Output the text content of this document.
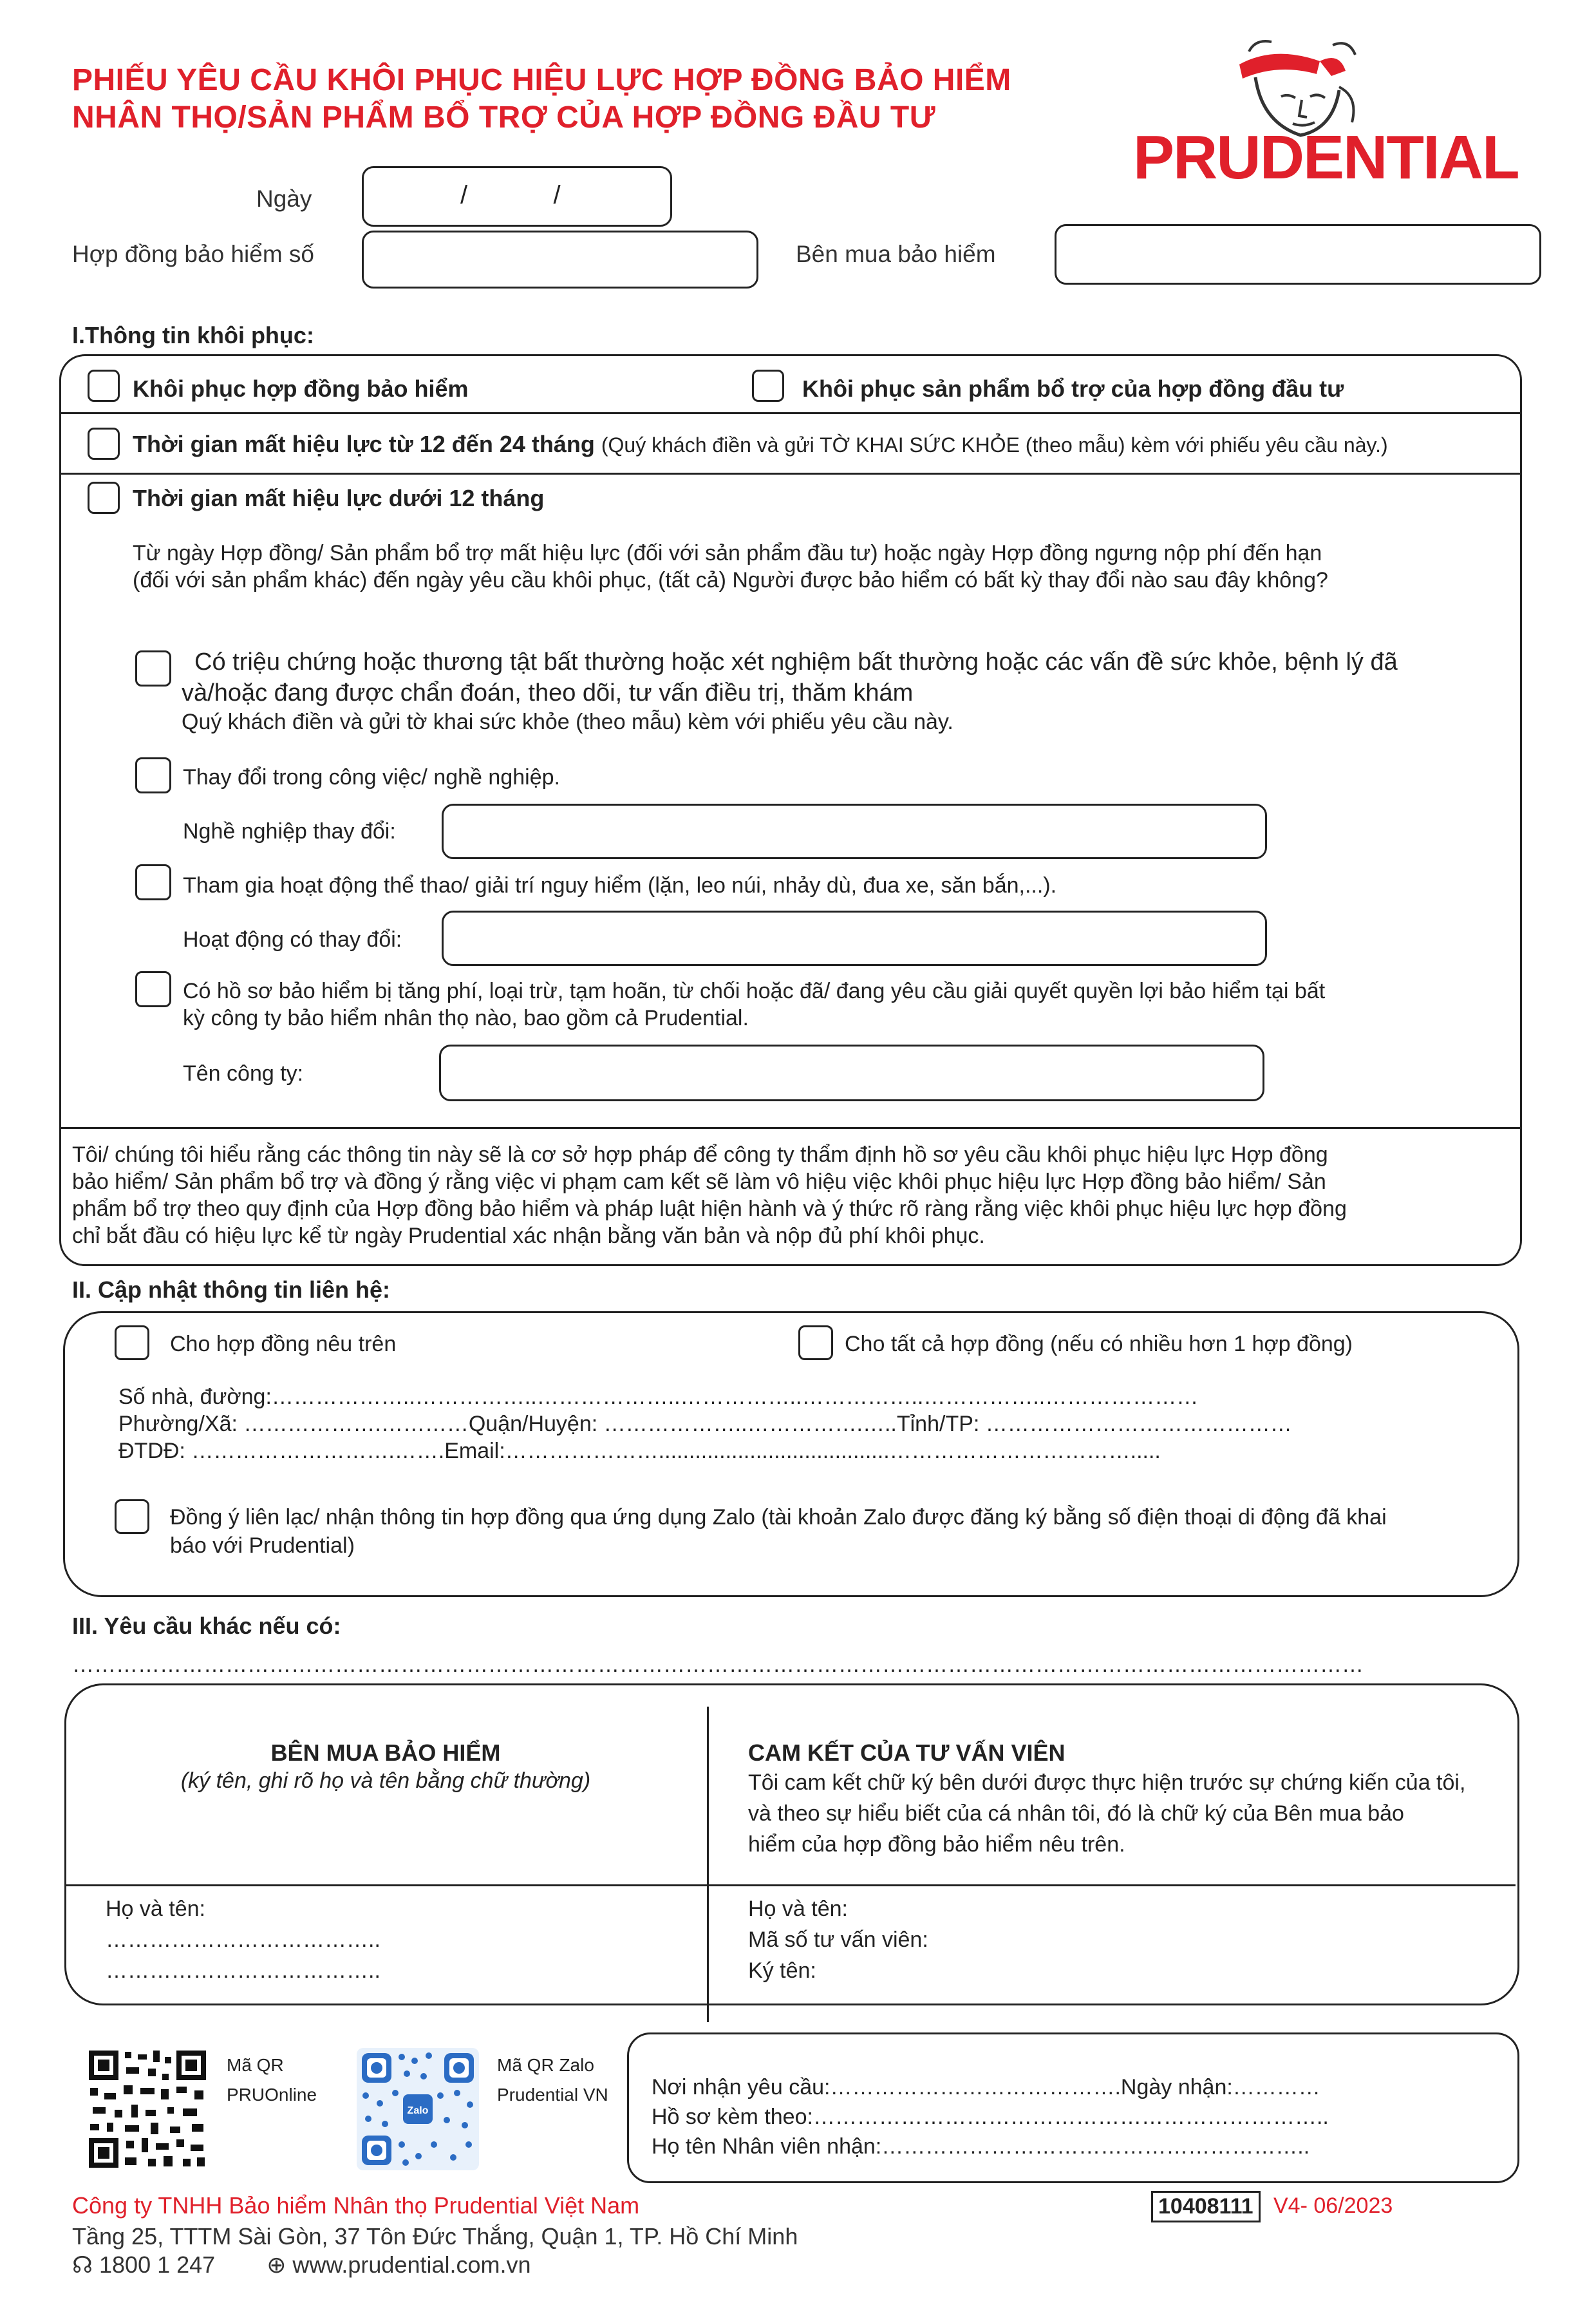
PHIẾU YÊU CẦU KHÔI PHỤC HIỆU LỰC HỢP ĐỒNG BẢO HIỂM
NHÂN THỌ/SẢN PHẨM BỔ TRỢ CỦA HỢP ĐỒNG ĐẦU TƯ
PRUDENTIAL
Ngày	/            /
Hợp đồng bảo hiểm số	Bên mua bảo hiểm
I.Thông tin khôi phục:
Khôi phục hợp đồng bảo hiểm	Khôi phục sản phẩm bổ trợ của hợp đồng đầu tư
Thời gian mất hiệu lực từ 12 đến 24 tháng (Quý khách điền và gửi TỜ KHAI SỨC KHỎE (theo mẫu) kèm với phiếu yêu cầu này.)
Thời gian mất hiệu lực dưới 12 tháng
Từ ngày Hợp đồng/ Sản phẩm bổ trợ mất hiệu lực (đối với sản phẩm đầu tư) hoặc ngày Hợp đồng ngưng nộp phí đến hạn
(đối với sản phẩm khác) đến ngày yêu cầu khôi phục, (tất cả) Người được bảo hiểm có bất kỳ thay đổi nào sau đây không?
Có triệu chứng hoặc thương tật bất thường hoặc xét nghiệm bất thường hoặc các vấn đề sức khỏe, bệnh lý đã
và/hoặc đang được chẩn đoán, theo dõi, tư vấn điều trị, thăm khám
Quý khách điền và gửi tờ khai sức khỏe (theo mẫu) kèm với phiếu yêu cầu này.
Thay đổi trong công việc/ nghề nghiệp.
Nghề nghiệp thay đổi:
Tham gia hoạt động thể thao/ giải trí nguy hiểm (lặn, leo núi, nhảy dù, đua xe, săn bắn,...).
Hoạt động có thay đổi:
Có hồ sơ bảo hiểm bị tăng phí, loại trừ, tạm hoãn, từ chối hoặc đã/ đang yêu cầu giải quyết quyền lợi bảo hiểm tại bất
kỳ công ty bảo hiểm nhân thọ nào, bao gồm cả Prudential.
Tên công ty:
Tôi/ chúng tôi hiểu rằng các thông tin này sẽ là cơ sở hợp pháp để công ty thẩm định hồ sơ yêu cầu khôi phục hiệu lực Hợp đồng
bảo hiểm/ Sản phẩm bổ trợ và đồng ý rằng việc vi phạm cam kết sẽ làm vô hiệu việc khôi phục hiệu lực Hợp đồng bảo hiểm/ Sản
phẩm bổ trợ theo quy định của Hợp đồng bảo hiểm và pháp luật hiện hành và ý thức rõ ràng rằng việc khôi phục hiệu lực hợp đồng
chỉ bắt đầu có hiệu lực kể từ ngày Prudential xác nhận bằng văn bản và nộp đủ phí khôi phục.
II. Cập nhật thông tin liên hệ:
Cho hợp đồng nêu trên	Cho tất cả hợp đồng (nếu có nhiều hơn 1 hợp đồng)
Số nhà, đường:………………..……………..………………..……………..……………..……………..…………………
Phường/Xã: ……………….…………Quận/Huyện: ………………..…………….…..Tỉnh/TP: ……………………………………
ĐTDĐ: ……………………….…….Email:…………………......................................…………………………….....
Đồng ý liên lạc/ nhận thông tin hợp đồng qua ứng dụng Zalo (tài khoản Zalo được đăng ký bằng số điện thoại di động đã khai
báo với Prudential)
III. Yêu cầu khác nếu có:
……………………………………………………………………………………………………………………………………………………………
BÊN MUA BẢO HIỂM
(ký tên, ghi rõ họ và tên bằng chữ thường)
CAM KẾT CỦA TƯ VẤN VIÊN
Tôi cam kết chữ ký bên dưới được thực hiện trước sự chứng kiến của tôi,
và theo sự hiểu biết của cá nhân tôi, đó là chữ ký của Bên mua bảo
hiểm của hợp đồng bảo hiểm nêu trên.
Họ và tên:
………………………………..
………………………………..
Họ và tên:
Mã số tư vấn viên:
Ký tên:
Mã QR
PRUOnline
Zalo
Mã QR Zalo
Prudential VN Nơi nhận yêu cầu:………………………………….Ngày nhận:…………
Hồ sơ kèm theo:……………………………………………………………..
Họ tên Nhân viên nhận:…………………………………………………..
Công ty TNHH Bảo hiểm Nhân thọ Prudential Việt Nam
Tầng 25, TTTM Sài Gòn, 37 Tôn Đức Thắng, Quận 1, TP. Hồ Chí Minh
☊ 1800 1 247 ⊕ www.prudential.com.vn
10408111 V4- 06/2023
